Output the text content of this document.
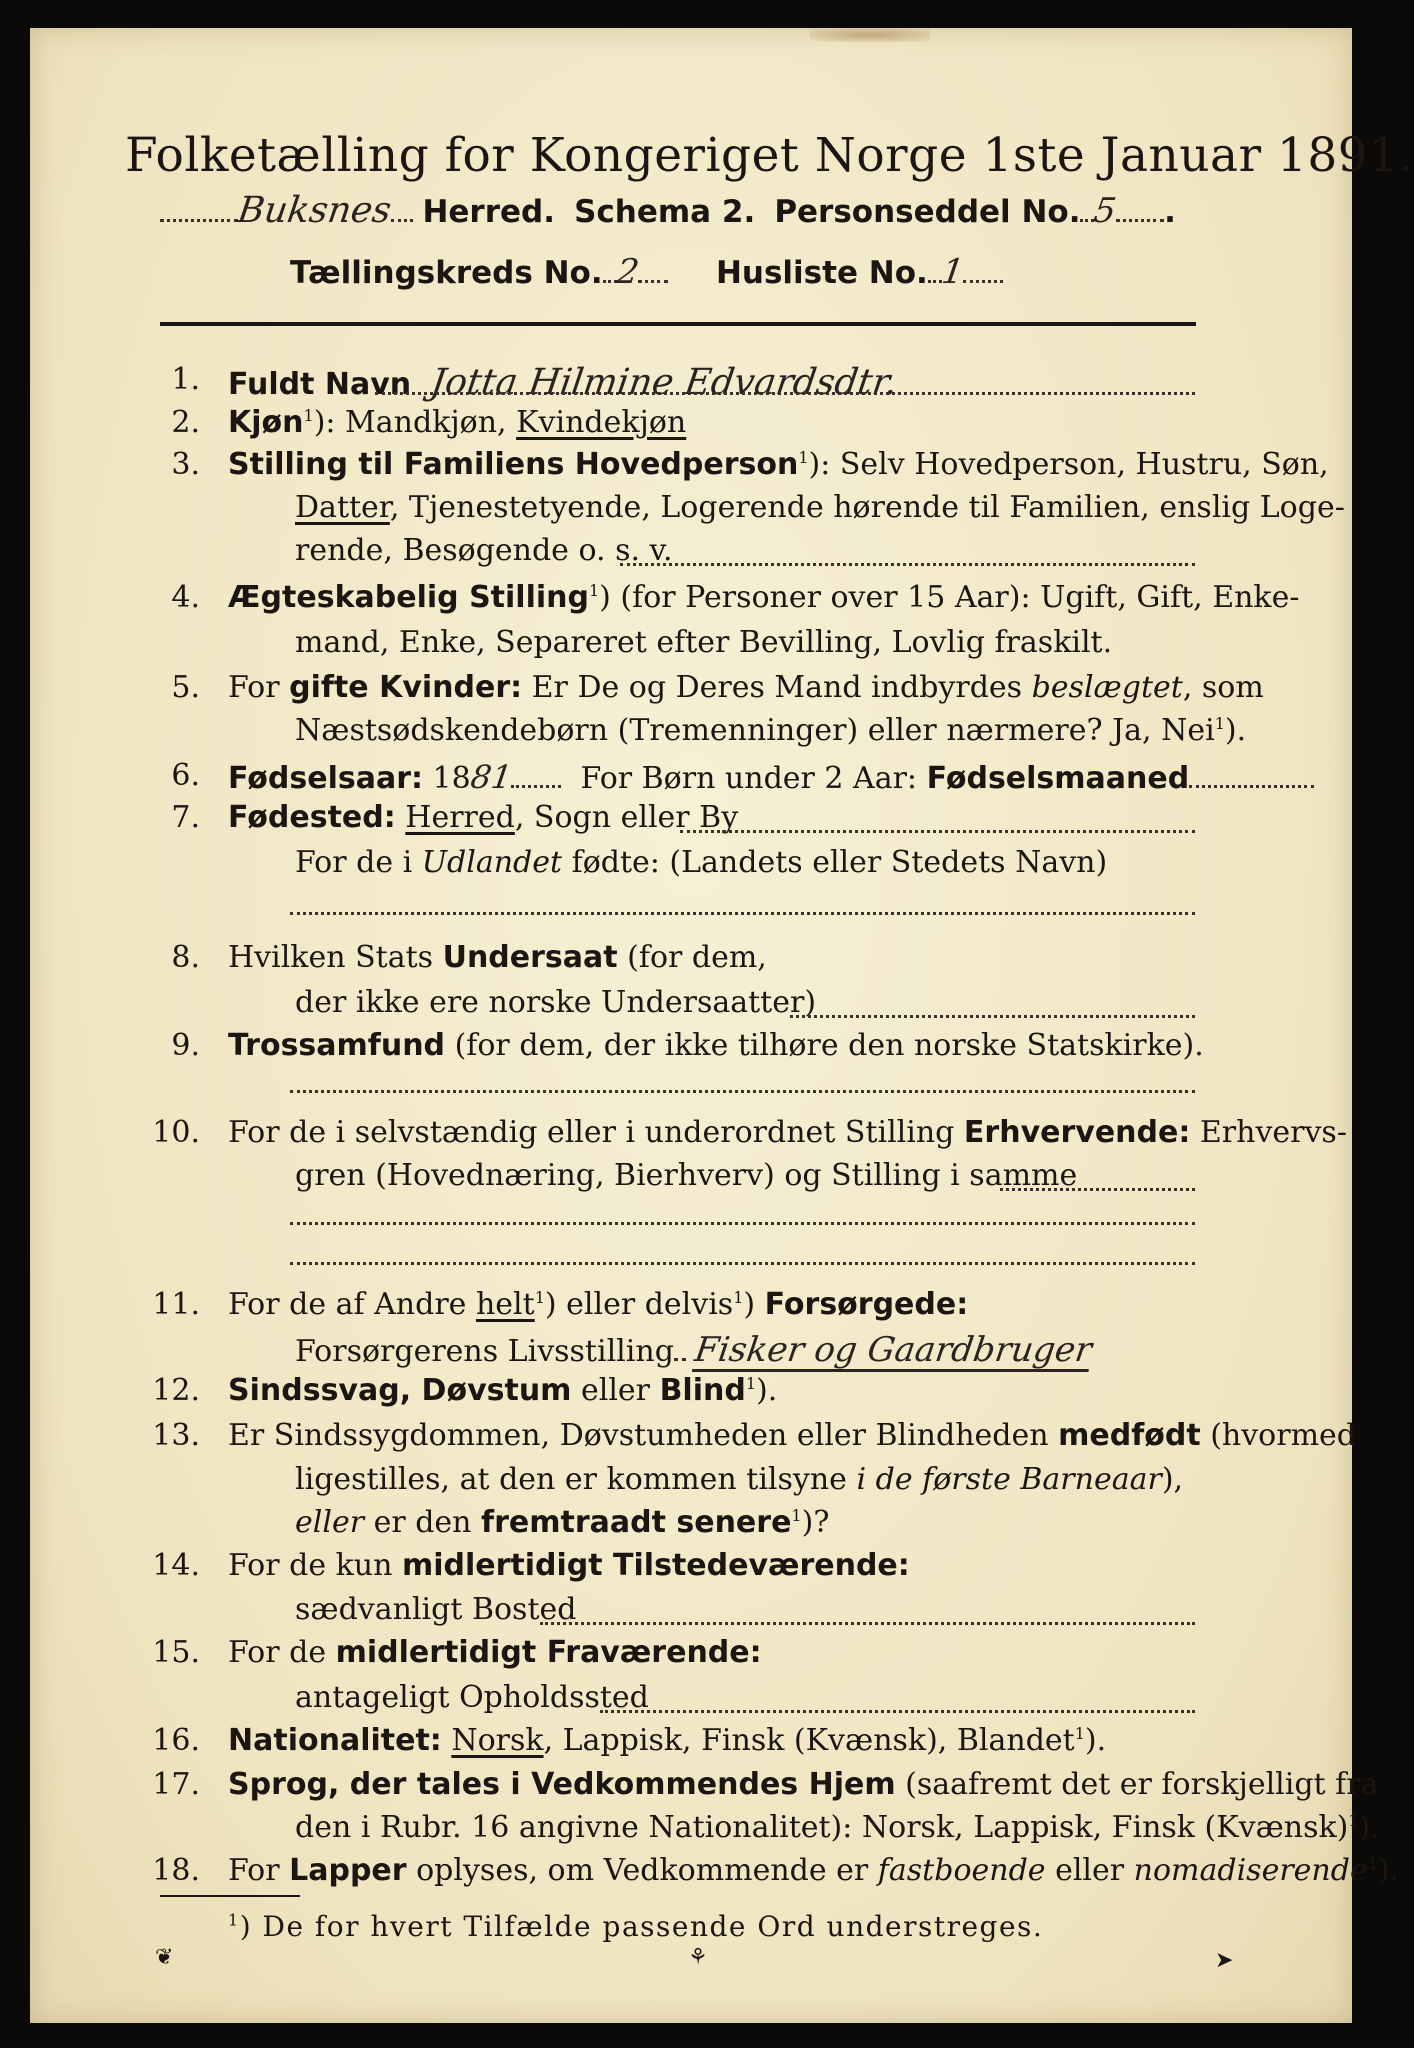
Folketælling for Kongeriget Norge 1ste Januar 1891.
Buksnes Herred. Schema 2. Personseddel No. 5 .
Tællingskreds No. 2 Husliste No. 1
1. Fuldt Navn Jotta Hilmine Edvardsdtr.
2. Kjøn$^1$): Mandkjøn, Kvindekjøn
3. Stilling til Familiens Hovedperson$^1$): Selv Hovedperson, Hustru, Søn,
Datter, Tjenestetyende, Logerende hørende til Familien, enslig Loge-
rende, Besøgende o. s. v.
4. Ægteskabelig Stilling$^1$) (for Personer over 15 Aar): Ugift, Gift, Enke-
mand, Enke, Separeret efter Bevilling, Lovlig fraskilt.
5. For gifte Kvinder: Er De og Deres Mand indbyrdes beslægtet, som
Næstsødskendebørn (Tremenninger) eller nærmere? Ja, Nei$^1$).
6. Fødselsaar: 1881 For Børn under 2 Aar: Fødselsmaaned
7. Fødested: Herred, Sogn eller By
For de i Udlandet fødte: (Landets eller Stedets Navn)
8. Hvilken Stats Undersaat (for dem,
der ikke ere norske Undersaatter)
9. Trossamfund (for dem, der ikke tilhøre den norske Statskirke).
10. For de i selvstændig eller i underordnet Stilling Erhvervende: Erhvervs-
gren (Hovednæring, Bierhverv) og Stilling i samme
11. For de af Andre helt$^1$) eller delvis$^1$) Forsørgede:
Forsørgerens Livsstilling Fisker og Gaardbruger
12. Sindssvag, Døvstum eller Blind$^1$).
13. Er Sindssygdommen, Døvstumheden eller Blindheden medfødt (hvormed
ligestilles, at den er kommen tilsyne i de første Barneaar),
eller er den fremtraadt senere$^1$)?
14. For de kun midlertidigt Tilstedeværende:
sædvanligt Bosted
15. For de midlertidigt Fraværende:
antageligt Opholdssted
16. Nationalitet: Norsk, Lappisk, Finsk (Kvænsk), Blandet$^1$).
17. Sprog, der tales i Vedkommendes Hjem (saafremt det er forskjelligt fra
den i Rubr. 16 angivne Nationalitet): Norsk, Lappisk, Finsk (Kvænsk)$^1$).
18. For Lapper oplyses, om Vedkommende er fastboende eller nomadiserende$^1$).
$^1$) De for hvert Tilfælde passende Ord understreges.
❦	⚘	➤
